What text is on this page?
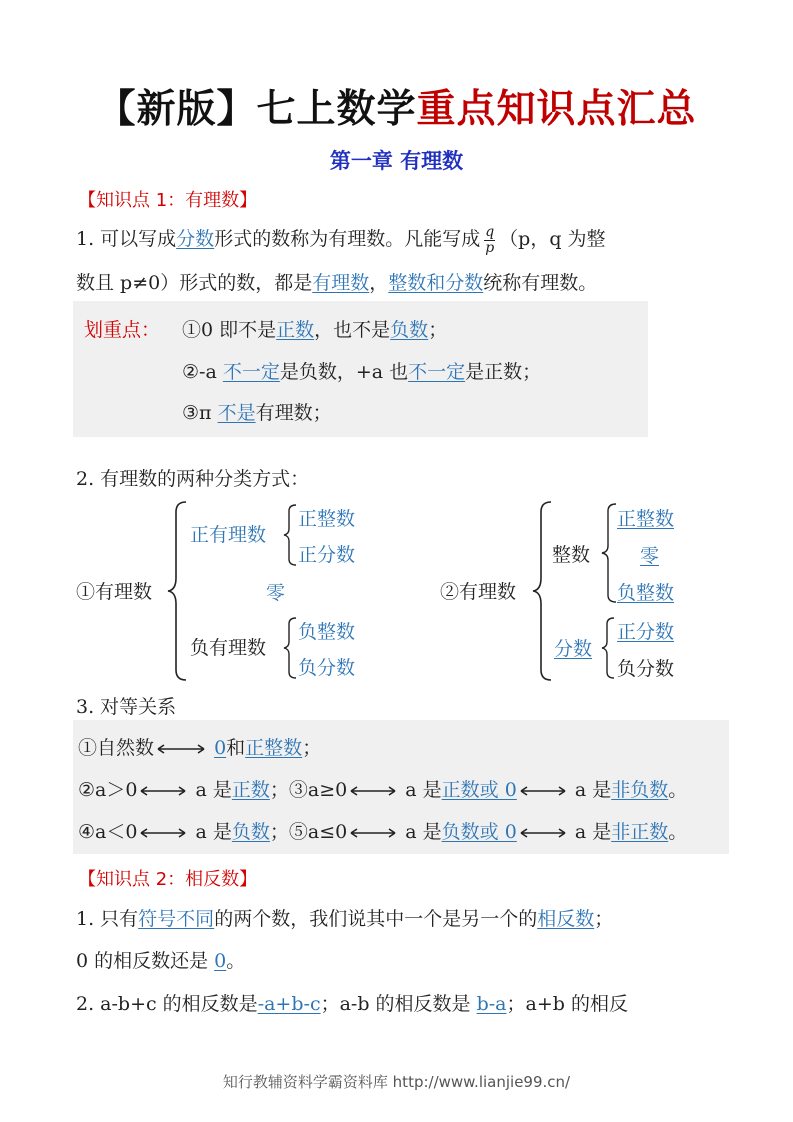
【新版】七上数学重点知识点汇总
第一章 有理数
【知识点 1：有理数】
1. 可以写成分数形式的数称为有理数。凡能写成 $\frac{q}{p} (p$，q 为整
数且 p≠0）形式的数，都是有理数，整数和分数统称有理数。
划重点： ①0 即不是正数，也不是负数；
②-a 不一定是负数，+a 也不一定是正数；
③π 不是有理数；
2. 有理数的两种分类方式：
①有理数
正有理数
正整数
正分数
零
负有理数
负整数
负分数
②有理数
整数
正整数
零
负整数
分数
正分数
负分数
3. 对等关系
①自然数	0和正整数；
②a＞0	a 是正数；③a≥0	a 是正数或 0	a 是非负数。
④a＜0	a 是负数；⑤a≤0	a 是负数或 0	a 是非正数。
【知识点 2：相反数】
1. 只有符号不同的两个数，我们说其中一个是另一个的相反数；
0 的相反数还是 0。
2. a-b+c 的相反数是-a+b-c；a-b 的相反数是 b-a；a+b 的相反
知行教辅资料学霸资料库 http://www.lianjie99.cn/
